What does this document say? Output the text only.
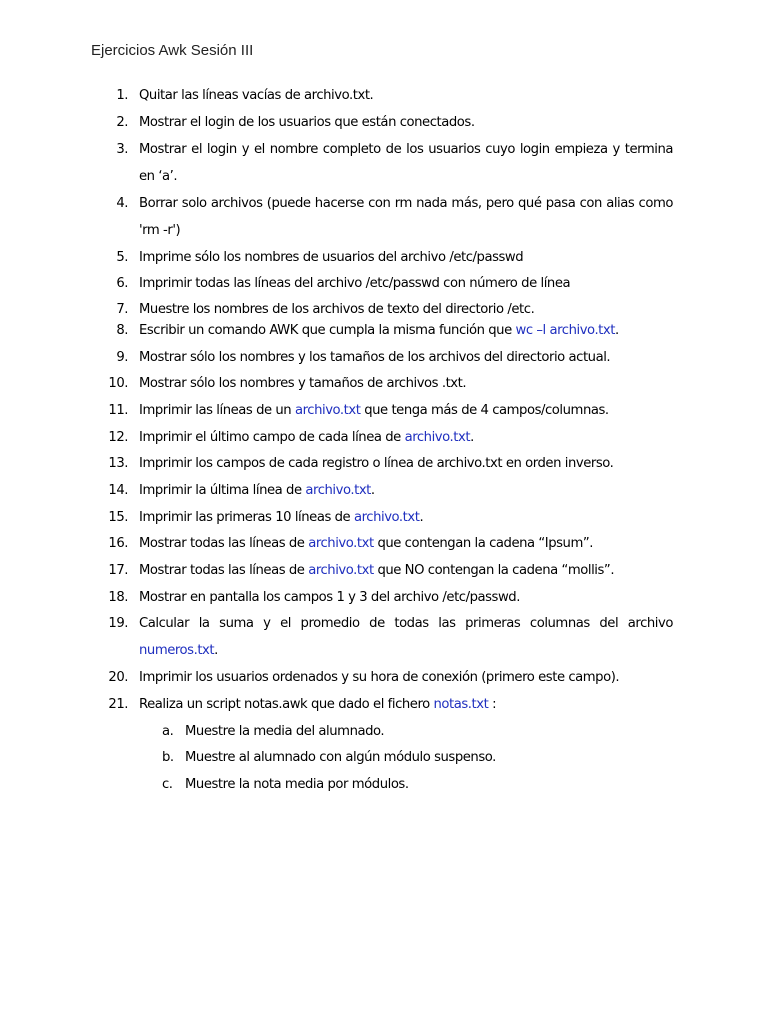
Ejercicios Awk Sesión III
1. Quitar las líneas vacías de archivo.txt.
2. Mostrar el login de los usuarios que están conectados.
3. Mostrar el login y el nombre completo de los usuarios cuyo login empieza y termina en ‘a’.
4. Borrar solo archivos (puede hacerse con rm nada más, pero qué pasa con alias como 'rm -r')
5. Imprime sólo los nombres de usuarios del archivo /etc/passwd
6. Imprimir todas las líneas del archivo /etc/passwd con número de línea
7. Muestre los nombres de los archivos de texto del directorio /etc.
8. Escribir un comando AWK que cumpla la misma función que wc –l archivo.txt.
9. Mostrar sólo los nombres y los tamaños de los archivos del directorio actual.
10. Mostrar sólo los nombres y tamaños de archivos .txt.
11. Imprimir las líneas de un archivo.txt que tenga más de 4 campos/columnas.
12. Imprimir el último campo de cada línea de archivo.txt.
13. Imprimir los campos de cada registro o línea de archivo.txt en orden inverso.
14. Imprimir la última línea de archivo.txt.
15. Imprimir las primeras 10 líneas de archivo.txt.
16. Mostrar todas las líneas de archivo.txt que contengan la cadena “Ipsum”.
17. Mostrar todas las líneas de archivo.txt que NO contengan la cadena “mollis”.
18. Mostrar en pantalla los campos 1 y 3 del archivo /etc/passwd.
19. Calcular la suma y el promedio de todas las primeras columnas del archivo numeros.txt.
20. Imprimir los usuarios ordenados y su hora de conexión (primero este campo).
21. Realiza un script notas.awk que dado el fichero notas.txt :
a. Muestre la media del alumnado.
b. Muestre al alumnado con algún módulo suspenso.
c. Muestre la nota media por módulos.
